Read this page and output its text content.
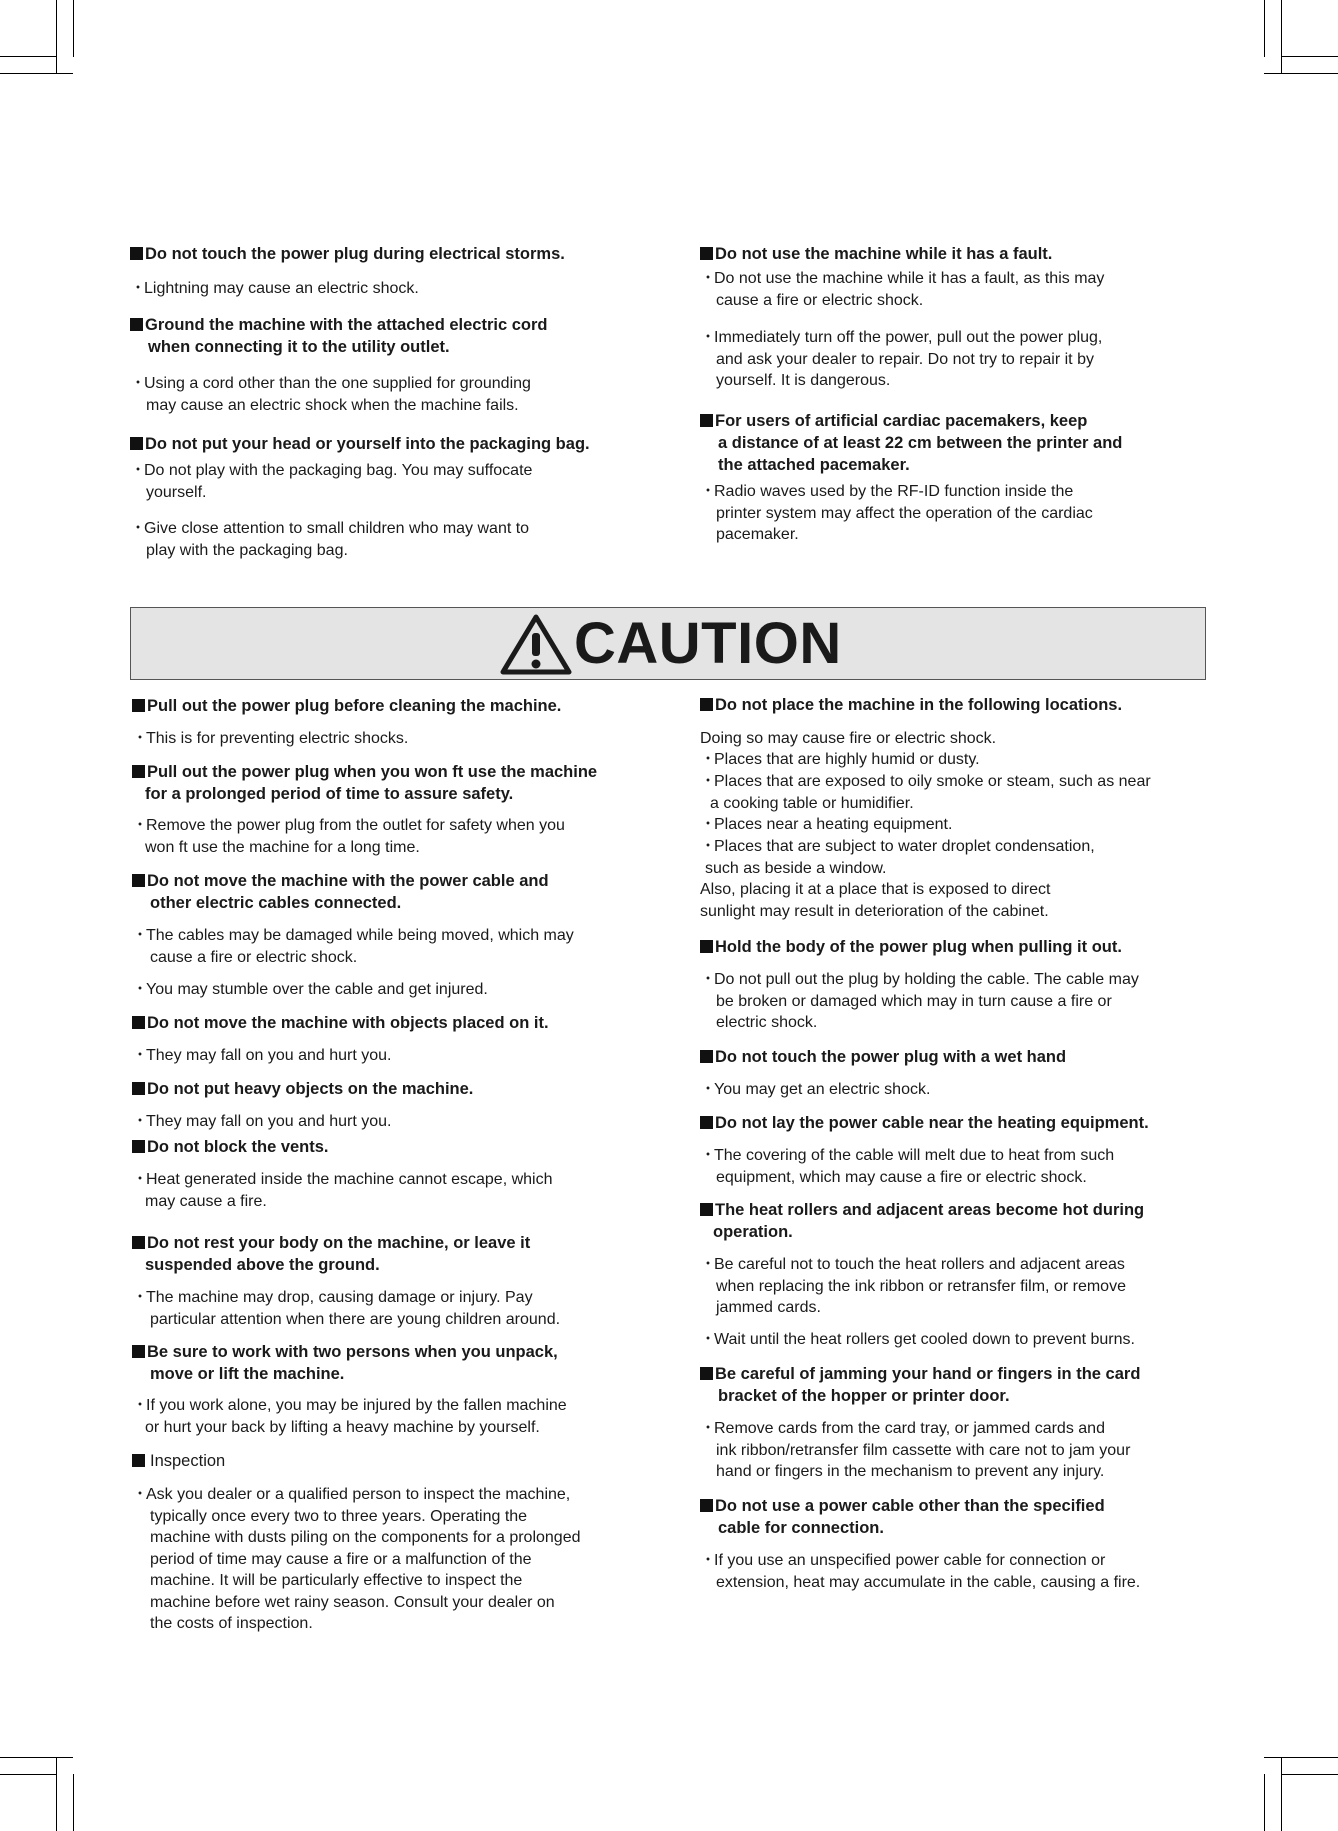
Do not touch the power plug during electrical storms.
・
Lightning may cause an electric shock.
Ground the machine with the attached electric cord
when connecting it to the utility outlet.
・
Using a cord other than the one supplied for grounding
may cause an electric shock when the machine fails.
Do not put your head or yourself into the packaging bag.
・
Do not play with the packaging bag. You may suffocate
yourself.
・
Give close attention to small children who may want to
play with the packaging bag.
Do not use the machine while it has a fault.
・
Do not use the machine while it has a fault, as this may
cause a fire or electric shock.
・
Immediately turn off the power, pull out the power plug,
and ask your dealer to repair. Do not try to repair it by
yourself. It is dangerous.
For users of artificial cardiac pacemakers, keep
a distance of at least 22 cm between the printer and
the attached pacemaker.
・
Radio waves used by the RF-ID function inside the
printer system may affect the operation of the cardiac
pacemaker.
CAUTION
Pull out the power plug before cleaning the machine.
・
This is for preventing electric shocks.
Pull out the power plug when you won ft use the machine
for a prolonged period of time to assure safety.
・
Remove the power plug from the outlet for safety when you
won ft use the machine for a long time.
Do not move the machine with the power cable and
other electric cables connected.
・
The cables may be damaged while being moved, which may
cause a fire or electric shock.
・
You may stumble over the cable and get injured.
Do not move the machine with objects placed on it.
・
They may fall on you and hurt you.
Do not put heavy objects on the machine.
・
They may fall on you and hurt you.
Do not block the vents.
・
Heat generated inside the machine cannot escape, which
may cause a fire.
Do not rest your body on the machine, or leave it
suspended above the ground.
・
The machine may drop, causing damage or injury. Pay
particular attention when there are young children around.
Be sure to work with two persons when you unpack,
move or lift the machine.
・
If you work alone, you may be injured by the fallen machine
or hurt your back by lifting a heavy machine by yourself.
Inspection
・
Ask you dealer or a qualified person to inspect the machine,
typically once every two to three years. Operating the
machine with dusts piling on the components for a prolonged
period of time may cause a fire or a malfunction of the
machine. It will be particularly effective to inspect the
machine before wet rainy season. Consult your dealer on
the costs of inspection.
Do not place the machine in the following locations.
Doing so may cause fire or electric shock.
・
Places that are highly humid or dusty.
・
Places that are exposed to oily smoke or steam, such as near
a cooking table or humidifier.
・
Places near a heating equipment.
・
Places that are subject to water droplet condensation,
such as beside a window.
Also, placing it at a place that is exposed to direct
sunlight may result in deterioration of the cabinet.
Hold the body of the power plug when pulling it out.
・
Do not pull out the plug by holding the cable. The cable may
be broken or damaged which may in turn cause a fire or
electric shock.
Do not touch the power plug with a wet hand
・
You may get an electric shock.
Do not lay the power cable near the heating equipment.
・
The covering of the cable will melt due to heat from such
equipment, which may cause a fire or electric shock.
The heat rollers and adjacent areas become hot during
operation.
・
Be careful not to touch the heat rollers and adjacent areas
when replacing the ink ribbon or retransfer film, or remove
jammed cards.
・
Wait until the heat rollers get cooled down to prevent burns.
Be careful of jamming your hand or fingers in the card
bracket of the hopper or printer door.
・
Remove cards from the card tray, or jammed cards and
ink ribbon/retransfer film cassette with care not to jam your
hand or fingers in the mechanism to prevent any injury.
Do not use a power cable other than the specified
cable for connection.
・
If you use an unspecified power cable for connection or
extension, heat may accumulate in the cable, causing a fire.
